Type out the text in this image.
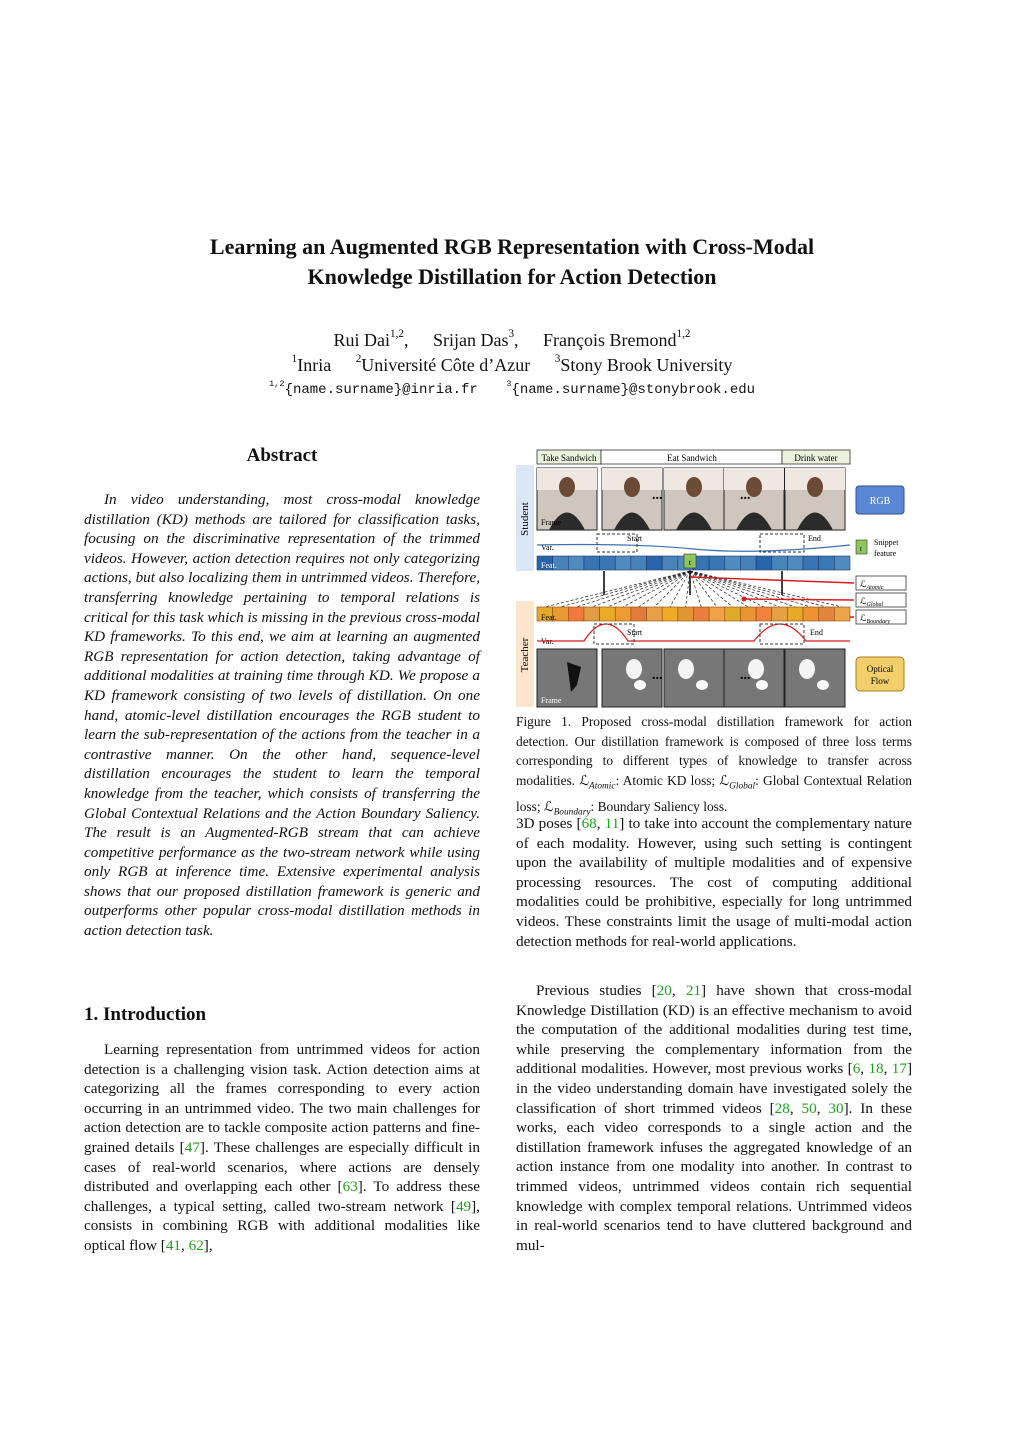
Learning an Augmented RGB Representation with Cross-Modal
Knowledge Distillation for Action Detection
Rui Dai$^{1,2}$, Srijan Das$^3$, François Bremond$^{1,2}$
$^1$Inria $^2$Université Côte d’Azur $^3$Stony Brook University
$^{1,2}${name.surname}@inria.fr	$^3${name.surname}@stonybrook.edu
Abstract

In video understanding, most cross-modal knowledge distillation (KD) methods are tailored for classification tasks, focusing on the discriminative representation of the trimmed videos. However, action detection requires not only categorizing actions, but also localizing them in untrimmed videos. Therefore, transferring knowledge pertaining to temporal relations is critical for this task which is missing in the previous cross-modal KD frameworks. To this end, we aim at learning an augmented RGB representation for action detection, taking advantage of additional modalities at training time through KD. We propose a KD framework consisting of two levels of distillation. On one hand, atomic-level distillation encourages the RGB student to learn the sub-representation of the actions from the teacher in a contrastive manner. On the other hand, sequence-level distillation encourages the student to learn the temporal knowledge from the teacher, which consists of transferring the Global Contextual Relations and the Action Boundary Saliency. The result is an Augmented-RGB stream that can achieve competitive performance as the two-stream network while using only RGB at inference time. Extensive experimental analysis shows that our proposed distillation framework is generic and outperforms other popular cross-modal distillation methods in action detection task.

1. Introduction

Learning representation from untrimmed videos for action detection is a challenging vision task. Action detection aims at categorizing all the frames corresponding to every action occurring in an untrimmed video. The two main challenges for action detection are to tackle composite action patterns and fine-grained details [47]. These challenges are especially difficult in cases of real-world scenarios, where actions are densely distributed and overlapping each other [63]. To address these challenges, a typical setting, called two-stream network [49], consists in combining RGB with additional modalities like optical flow [41, 62],

Take Sandwich	Eat Sandwich	Drink water
Student Frame
...	...
Var.
Start	End
Feat.	t
RGB
t
Snippet
feature
ℒ$_{Atomic}$
ℒ$_{Global}$
ℒ$_{Boundary}$
Teacher
Feat.
Var.
Start	End
Frame
...	...	Optical
Flow
Figure 1. Proposed cross-modal distillation framework for action detection. Our distillation framework is composed of three loss terms corresponding to different types of knowledge to transfer across modalities. ℒ$_{Atomic}$: Atomic KD loss; ℒ$_{Global}$: Global Contextual Relation loss; ℒ$_{Boundary}$: Boundary Saliency loss.

3D poses [68, 11] to take into account the complementary nature of each modality. However, using such setting is contingent upon the availability of multiple modalities and of expensive processing resources. The cost of computing additional modalities could be prohibitive, especially for long untrimmed videos. These constraints limit the usage of multi-modal action detection methods for real-world applications.

Previous studies [20, 21] have shown that cross-modal Knowledge Distillation (KD) is an effective mechanism to avoid the computation of the additional modalities during test time, while preserving the complementary information from the additional modalities. However, most previous works [6, 18, 17] in the video understanding domain have investigated solely the classification of short trimmed videos [28, 50, 30]. In these works, each video corresponds to a single action and the distillation framework infuses the aggregated knowledge of an action instance from one modality into another. In contrast to trimmed videos, untrimmed videos contain rich sequential knowledge with complex temporal relations. Untrimmed videos in real-world scenarios tend to have cluttered background and mul-
